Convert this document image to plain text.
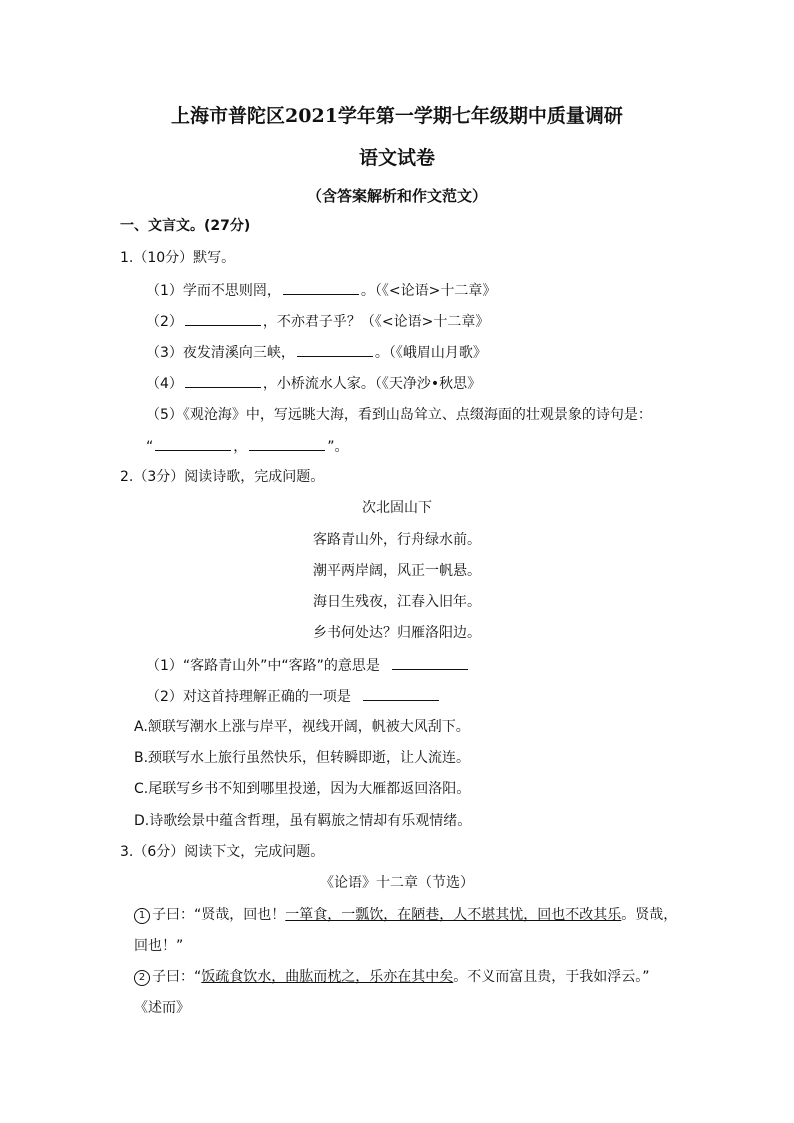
上海市普陀区2021学年第一学期七年级期中质量调研
语文试卷
（含答案解析和作文范文）
一、文言文。(27分)
1.（10分）默写。
（1）学而不思则罔，	。（《<论语>十二章》
（2）	，不亦君子乎？（《<论语>十二章》
（3）夜发清溪向三峡，	。（《峨眉山月歌》
（4）	，小桥流水人家。（《天净沙•秋思》
（5）《观沧海》中，写远眺大海，看到山岛耸立、点缀海面的壮观景象的诗句是：
“	，	”。
2.（3分）阅读诗歌，完成问题。
次北固山下
客路青山外，行舟绿水前。
潮平两岸阔，风正一帆悬。
海日生残夜，江春入旧年。
乡书何处达？归雁洛阳边。
（1）“客路青山外”中“客路”的意思是
（2）对这首持理解正确的一项是
A.颔联写潮水上涨与岸平，视线开阔，帆被大风刮下。
B.颈联写水上旅行虽然快乐，但转瞬即逝，让人流连。
C.尾联写乡书不知到哪里投递，因为大雁都返回洛阳。
D.诗歌绘景中蕴含哲理，虽有羁旅之情却有乐观情绪。
3.（6分）阅读下文，完成问题。
《论语》十二章（节选）
1 子曰：“贤哉，回也！一箪食，一瓢饮，在陋巷，人不堪其忧，回也不改其乐。贤哉，
回也！”
2 子曰：“饭疏食饮水，曲肱而枕之，乐亦在其中矣。不义而富且贵，于我如浮云。”
《述而》
